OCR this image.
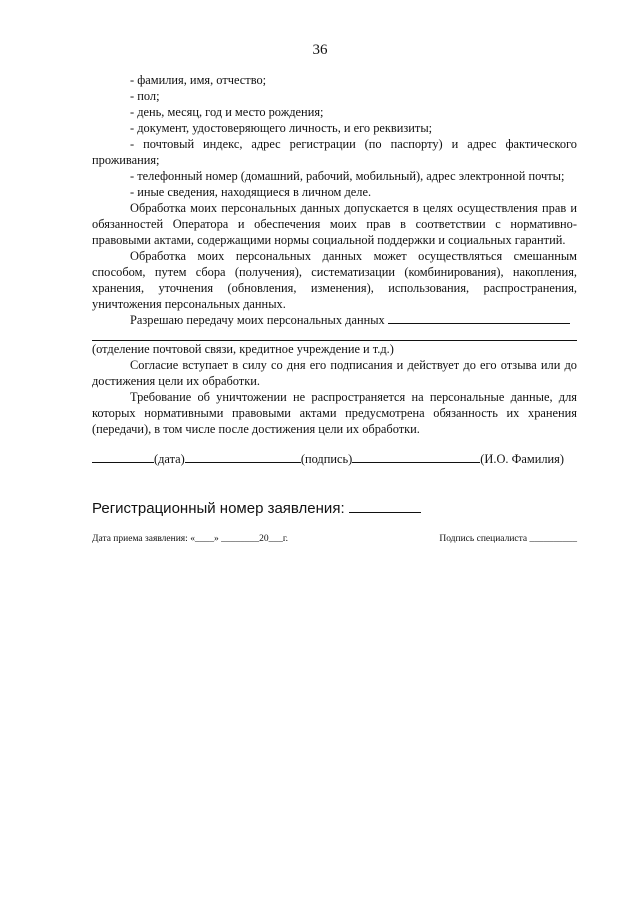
36

- фамилия, имя, отчество;

- пол;

- день, месяц, год и место рождения;

- документ, удостоверяющего личность, и его реквизиты;

- почтовый индекс, адрес регистрации (по паспорту) и адрес фактического проживания;

- телефонный номер (домашний, рабочий, мобильный), адрес электронной почты;

- иные сведения, находящиеся в личном деле.

Обработка моих персональных данных допускается в целях осуществления прав и обязанностей Оператора и обеспечения моих прав в соответствии с нормативно-правовыми актами, содержащими нормы социальной поддержки и социальных гарантий.

Обработка моих персональных данных может осуществляться смешанным способом, путем сбора (получения), систематизации (комбинирования), накопления, хранения, уточнения (обновления, изменения), использования, распространения, уничтожения персональных данных.

Разрешаю передачу моих персональных данных

(отделение почтовой связи, кредитное учреждение и т.д.)

Согласие вступает в силу со дня его подписания и действует до его отзыва или до достижения цели их обработки.

Требование об уничтожении не распространяется на персональные данные, для которых нормативными правовыми актами предусмотрена обязанность их хранения (передачи), в том числе после достижения цели их обработки.

(дата)	(подпись)	(И.О. Фамилия)
Регистрационный номер заявления:
Дата приема заявления: «____» ________20___г.	Подпись специалиста __________
